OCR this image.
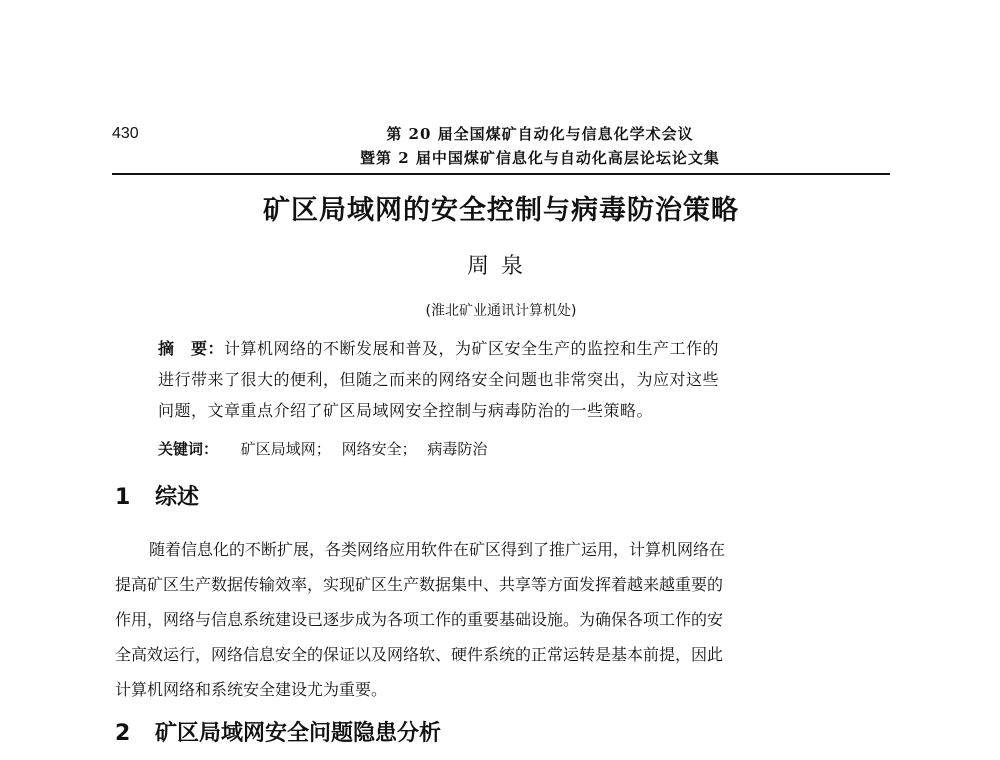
430	第 20 届全国煤矿自动化与信息化学术会议
暨第 2 届中国煤矿信息化与自动化高层论坛论文集
矿区局域网的安全控制与病毒防治策略
周泉
(淮北矿业通讯计算机处)
摘　要：计算机网络的不断发展和普及，为矿区安全生产的监控和生产工作的
进行带来了很大的便利，但随之而来的网络安全问题也非常突出，为应对这些
问题，文章重点介绍了矿区局域网安全控制与病毒防治的一些策略。
关键词： 矿区局域网； 网络安全； 病毒防治
1 综述
随着信息化的不断扩展，各类网络应用软件在矿区得到了推广运用，计算机网络在
提高矿区生产数据传输效率，实现矿区生产数据集中、共享等方面发挥着越来越重要的
作用，网络与信息系统建设已逐步成为各项工作的重要基础设施。为确保各项工作的安
全高效运行，网络信息安全的保证以及网络软、硬件系统的正常运转是基本前提，因此
计算机网络和系统安全建设尤为重要。
2 矿区局域网安全问题隐患分析
